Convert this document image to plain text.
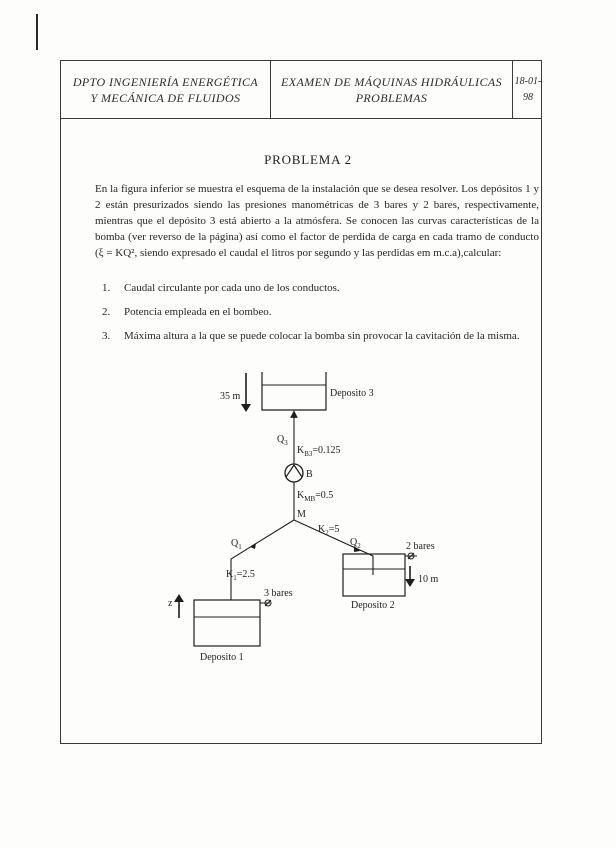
DPTO INGENIERÍA ENERGÉTICA
Y MECÁNICA DE FLUIDOS
EXAMEN DE MÁQUINAS HIDRÁULICAS
PROBLEMAS
18-01-98
PROBLEMA 2

En la figura inferior se muestra el esquema de la instalación que se desea resolver. Los depósitos 1 y 2 están presurizados siendo las presiones manométricas de 3 bares y 2 bares, respectivamente, mientras que el depósito 3 está abierto a la atmósfera. Se conocen las curvas características de la bomba (ver reverso de la página) así como el factor de perdida de carga en cada tramo de conducto (ξ = KQ², siendo expresado el caudal el litros por segundo y las perdidas em m.c.a),calcular:

1. Caudal circulante por cada uno de los conductos.
2. Potencia empleada en el bombeo.
3. Máxima altura a la que se puede colocar la bomba sin provocar la cavitación de la misma.
Deposito 3
35 m
$Q_3$
$K_{B3}=0.125$
B
$K_{MB}=0.5$
M
$Q_1$
$K_1=2.5$
$Q_2$
$K_2=5$
2 bares
10 m
Deposito 2
3 bares
z
Deposito 1
